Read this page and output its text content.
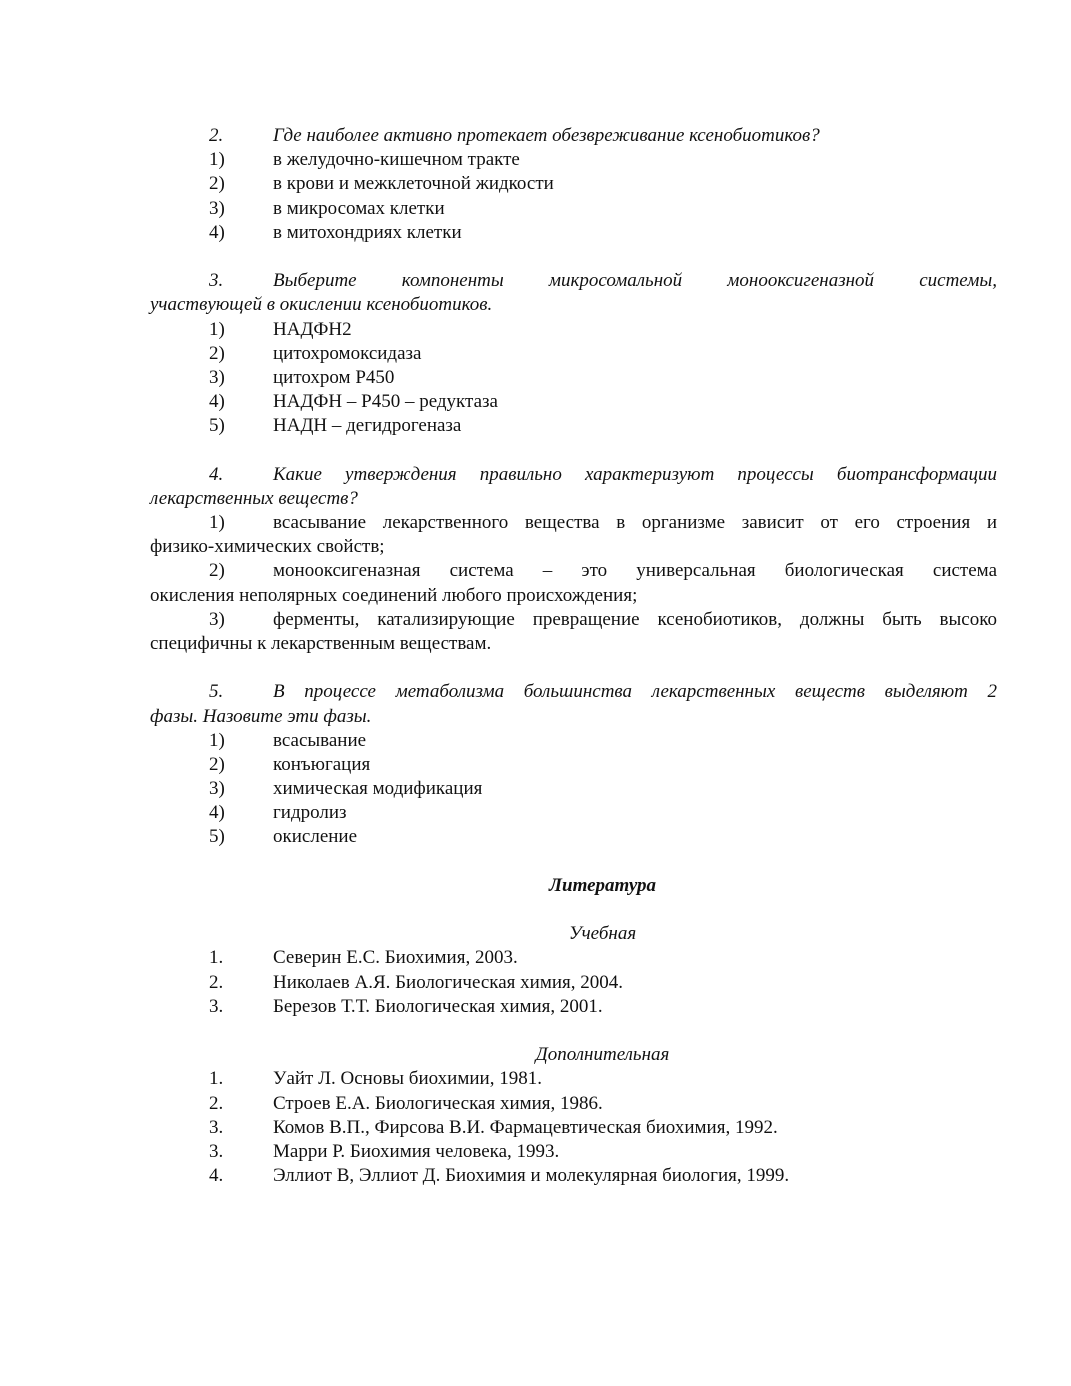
2.	Где наиболее активно протекает обезвреживание ксенобиотиков?
1)	в желудочно-кишечном тракте
2)	в крови и межклеточной жидкости
3)	в микросомах клетки
4)	в митохондриях клетки
3.	Выберите компоненты микросомальной монооксигеназной системы,
участвующей в окислении ксенобиотиков.
1)	НАДФН2
2)	цитохромоксидаза
3)	цитохром Р450
4)	НАДФН – Р450 – редуктаза
5)	НАДН – дегидрогеназа
4.	Какие утверждения правильно характеризуют процессы биотрансформации
лекарственных веществ?
1)	всасывание лекарственного вещества в организме зависит от его строения и
физико-химических свойств;
2)	монооксигеназная система – это универсальная биологическая система
окисления неполярных соединений любого происхождения;
3)	ферменты, катализирующие превращение ксенобиотиков, должны быть высоко
специфичны к лекарственным веществам.
5.	В процессе метаболизма большинства лекарственных веществ выделяют 2
фазы. Назовите эти фазы.
1)	всасывание
2)	конъюгация
3)	химическая модификация
4)	гидролиз
5)	окисление
Литература
Учебная
1.	Северин Е.С. Биохимия, 2003.
2.	Николаев А.Я. Биологическая химия, 2004.
3.	Березов Т.Т. Биологическая химия, 2001.
Дополнительная
1.	Уайт Л. Основы биохимии, 1981.
2.	Строев Е.А. Биологическая химия, 1986.
3.	Комов В.П., Фирсова В.И. Фармацевтическая биохимия, 1992.
3.	Марри Р. Биохимия человека, 1993.
4.	Эллиот В, Эллиот Д. Биохимия и молекулярная биология, 1999.
